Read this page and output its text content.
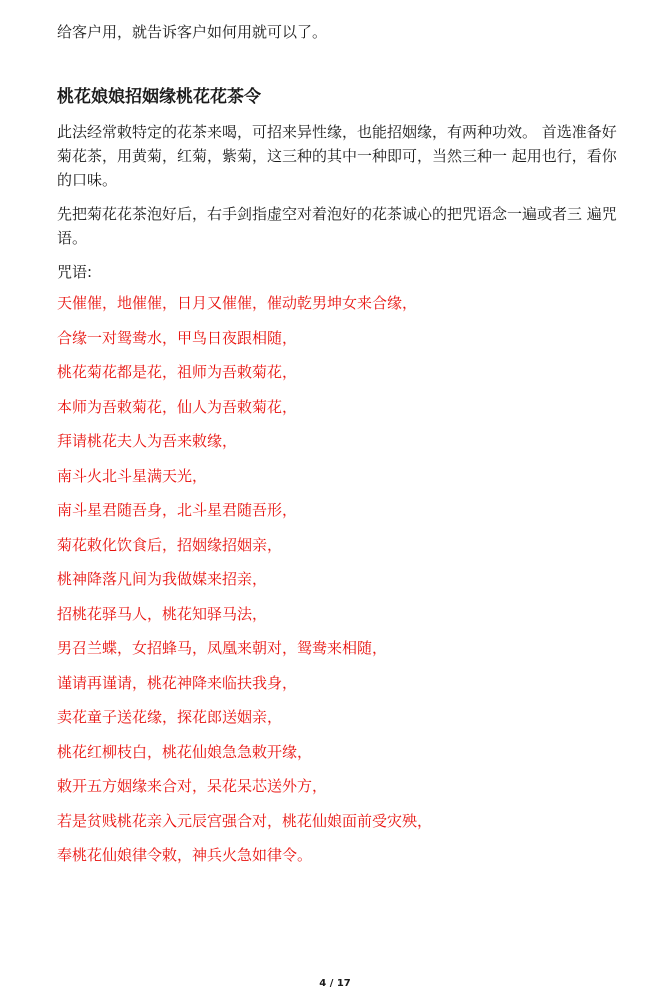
给客户用，就告诉客户如何用就可以了。

桃花娘娘招姻缘桃花花茶令

此法经常敕特定的花茶来喝，可招来异性缘，也能招姻缘，有两种功效。 首选准备好菊花茶，用黄菊，红菊，紫菊，这三种的其中一种即可，当然三种一 起用也行，看你的口味。

先把菊花花茶泡好后，右手剑指虚空对着泡好的花茶诚心的把咒语念一遍或者三 遍咒语。

咒语:

天催催，地催催，日月又催催，催动乾男坤女来合缘，

合缘一对鸳鸯水，甲鸟日夜跟相随，

桃花菊花都是花，祖师为吾敕菊花，

本师为吾敕菊花，仙人为吾敕菊花，

拜请桃花夫人为吾来敕缘，

南斗火北斗星满天光，

南斗星君随吾身，北斗星君随吾形，

菊花敕化饮食后，招姻缘招姻亲，

桃神降落凡间为我做媒来招亲，

招桃花驿马人，桃花知驿马法，

男召兰蝶，女招蜂马，凤凰来朝对，鸳鸯来相随，

谨请再谨请，桃花神降来临扶我身，

卖花童子送花缘，探花郎送姻亲，

桃花红柳枝白，桃花仙娘急急敕开缘，

敕开五方姻缘来合对，呆花呆芯送外方，

若是贫贱桃花亲入元辰宫强合对，桃花仙娘面前受灾殃，

奉桃花仙娘律令敕，神兵火急如律令。

4 / 17
